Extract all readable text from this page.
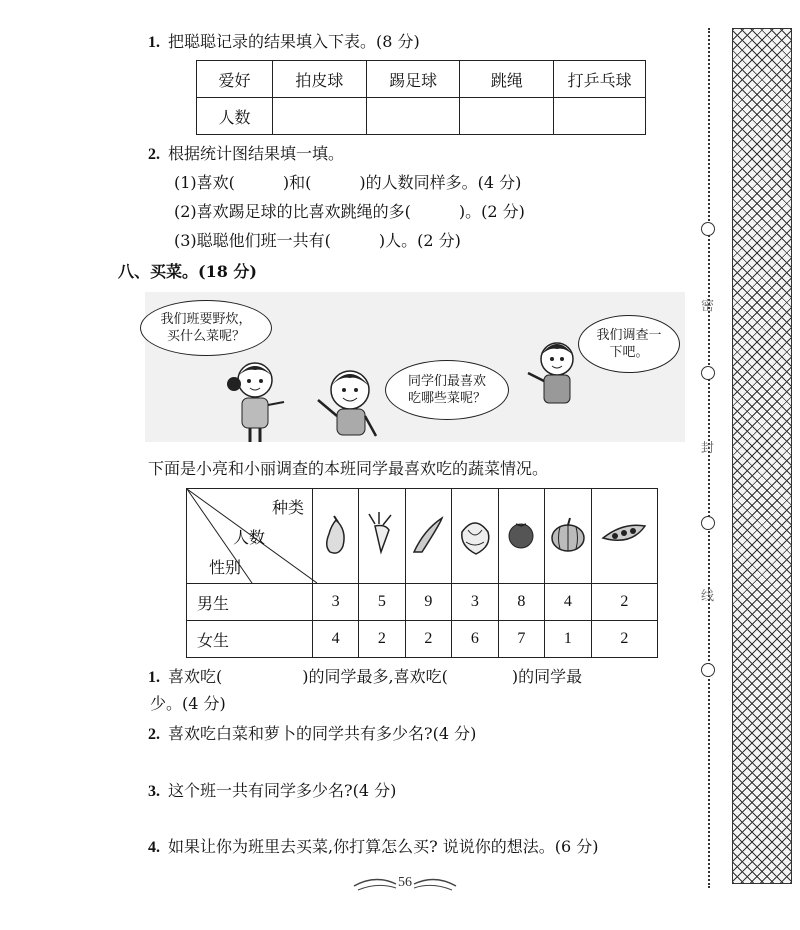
1. 把聪聪记录的结果填入下表。(8 分)
爱好	拍皮球	踢足球	跳绳	打乒乓球
人数				
2. 根据统计图结果填一填。
(1)喜欢(	)和(	)的人数同样多。(4 分)
(2)喜欢踢足球的比喜欢跳绳的多(	)。(2 分)
(3)聪聪他们班一共有(	)人。(2 分)
八、买菜。(18 分)
我们班要野炊，买什么菜呢？
同学们最喜欢吃哪些菜呢？
我们调查一下吧。
下面是小亮和小丽调查的本班同学最喜欢吃的蔬菜情况。
种类
人数
性别

男生	3	5	9	3	8	4	2
女生	4	2	2	6	7	1	2
1. 喜欢吃(	)的同学最多,喜欢吃(	)的同学最
少。(4 分)
2. 喜欢吃白菜和萝卜的同学共有多少名?(4 分)
3. 这个班一共有同学多少名?(4 分)
4. 如果让你为班里去买菜,你打算怎么买? 说说你的想法。(6 分)
56
密
封
线
